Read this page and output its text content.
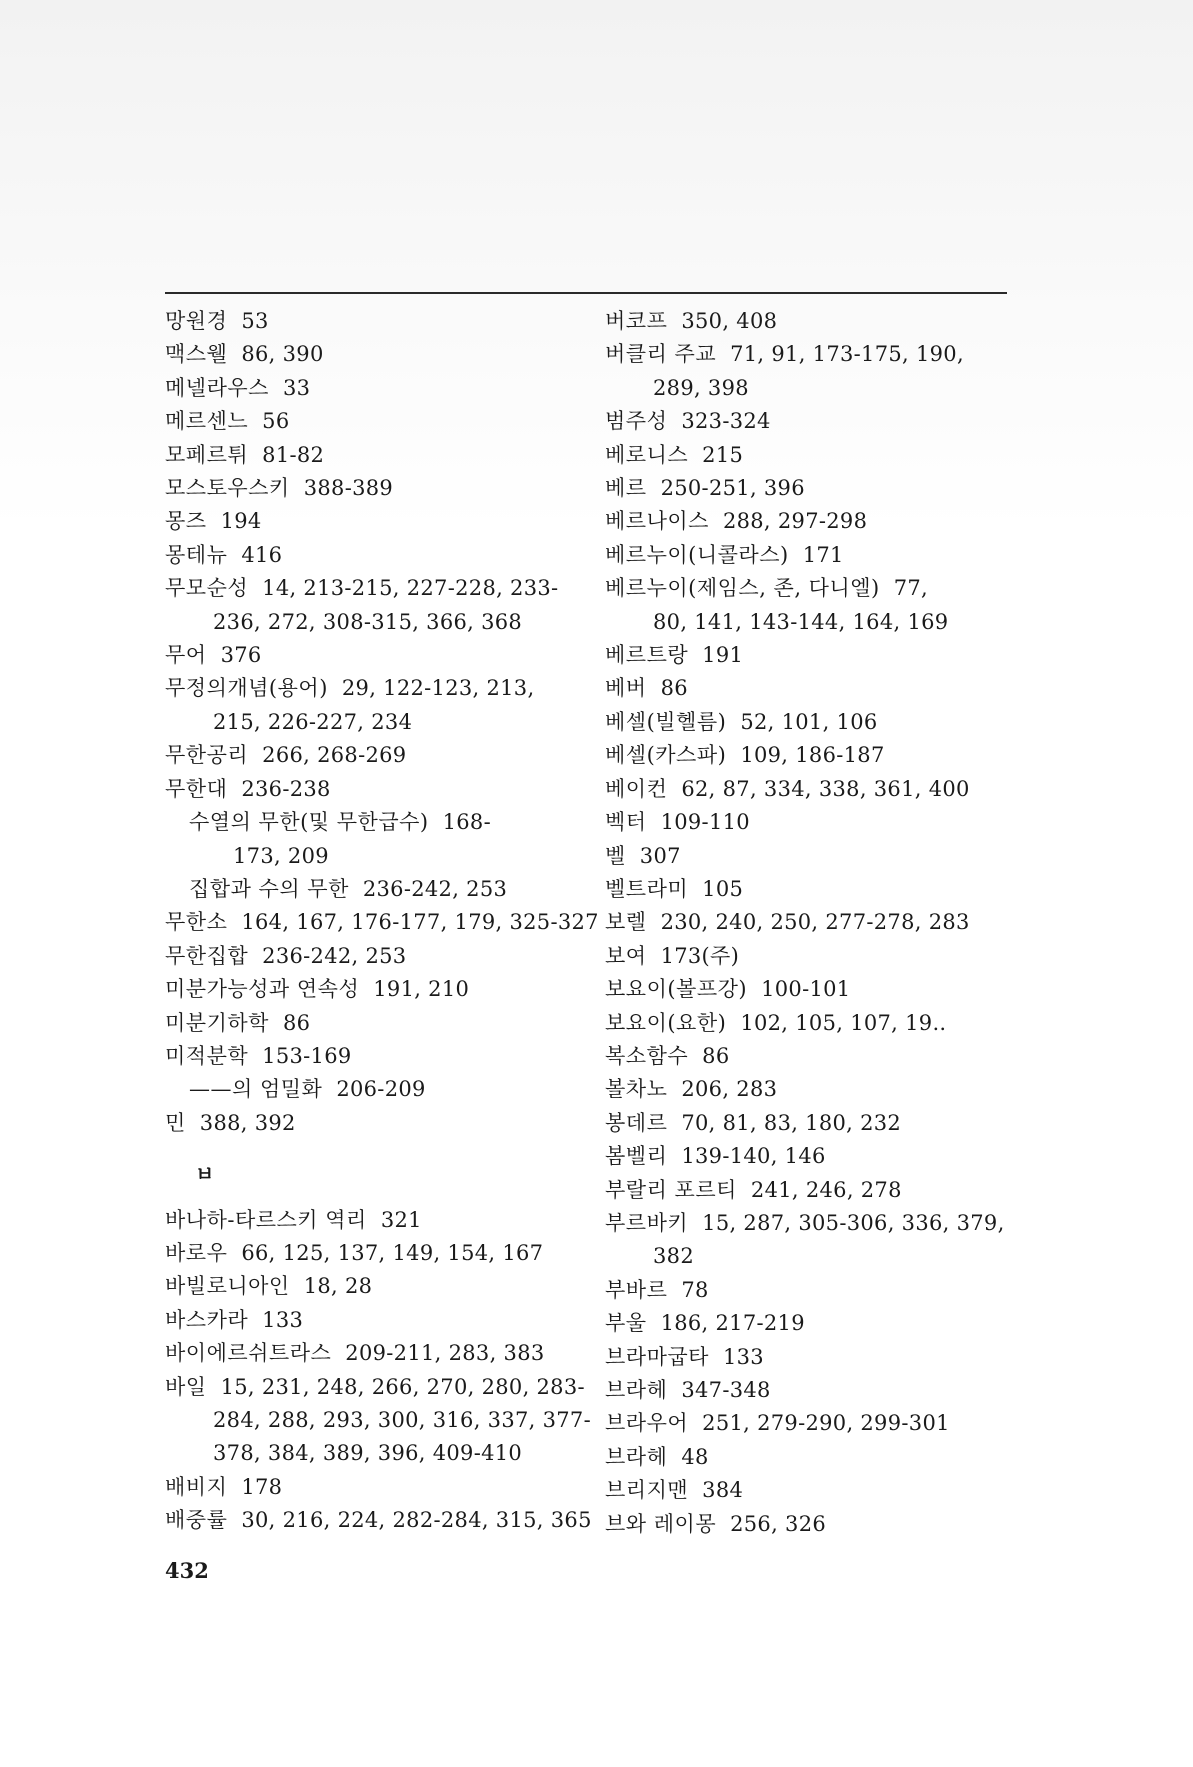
망원경 53
맥스웰 86, 390
메넬라우스 33
메르센느 56
모페르튀 81-82
모스토우스키 388-389
몽즈 194
몽테뉴 416
무모순성 14, 213-215, 227-228, 233-
236, 272, 308-315, 366, 368
무어 376
무정의개념(용어) 29, 122-123, 213,
215, 226-227, 234
무한공리 266, 268-269
무한대 236-238
수열의 무한(및 무한급수) 168-
173, 209
집합과 수의 무한 236-242, 253
무한소 164, 167, 176-177, 179, 325-327
무한집합 236-242, 253
미분가능성과 연속성 191, 210
미분기하학 86
미적분학 153-169
——의 엄밀화 206-209
민 388, 392
ㅂ
바나하-타르스키 역리 321
바로우 66, 125, 137, 149, 154, 167
바빌로니아인 18, 28
바스카라 133
바이에르쉬트라스 209-211, 283, 383
바일 15, 231, 248, 266, 270, 280, 283-
284, 288, 293, 300, 316, 337, 377-
378, 384, 389, 396, 409-410
배비지 178
배중률 30, 216, 224, 282-284, 315, 365
버코프 350, 408
버클리 주교 71, 91, 173-175, 190,
289, 398
범주성 323-324
베로니스 215
베르 250-251, 396
베르나이스 288, 297-298
베르누이(니콜라스) 171
베르누이(제임스, 존, 다니엘) 77,
80, 141, 143-144, 164, 169
베르트랑 191
베버 86
베셀(빌헬름) 52, 101, 106
베셀(카스파) 109, 186-187
베이컨 62, 87, 334, 338, 361, 400
벡터 109-110
벨 307
벨트라미 105
보렐 230, 240, 250, 277-278, 283
보여 173(주)
보요이(볼프강) 100-101
보요이(요한) 102, 105, 107, 19..
복소함수 86
볼차노 206, 283
봉데르 70, 81, 83, 180, 232
봄벨리 139-140, 146
부랄리 포르티 241, 246, 278
부르바키 15, 287, 305-306, 336, 379,
382
부바르 78
부울 186, 217-219
브라마굽타 133
브라헤 347-348
브라우어 251, 279-290, 299-301
브라헤 48
브리지맨 384
브와 레이몽 256, 326
432
